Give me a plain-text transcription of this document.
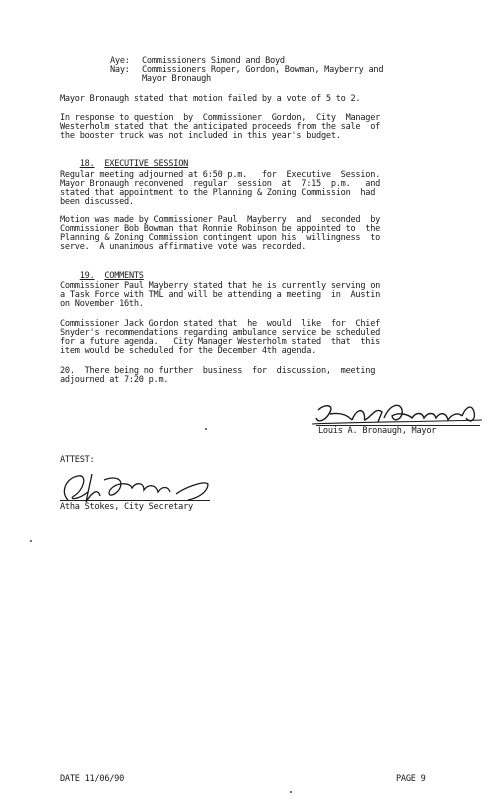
Aye:	Commissioners Simond and Boyd
Nay:	Commissioners Roper, Gordon, Bowman, Mayberry and
Mayor Bronaugh
Mayor Bronaugh stated that motion failed by a vote of 5 to 2.
In response to question  by  Commissioner  Gordon,  City  Manager
Westerholm stated that the anticipated proceeds from the sale  of
the booster truck was not included in this year's budget.

18. EXECUTIVE SESSION

Regular meeting adjourned at 6:50 p.m.   for  Executive  Session.
Mayor Bronaugh reconvened  regular  session  at  7:15  p.m.   and
stated that appointment to the Planning & Zoning Commission  had
been discussed.
Motion was made by Commissioner Paul  Mayberry  and  seconded  by
Commissioner Bob Bowman that Ronnie Robinson be appointed to  the
Planning & Zoning Commission contingent upon his  willingness  to
serve.  A unanimous affirmative vote was recorded.

19. COMMENTS

Commissioner Paul Mayberry stated that he is currently serving on
a Task Force with TML and will be attending a meeting  in  Austin
on November 16th.
Commissioner Jack Gordon stated that  he  would  like  for  Chief
Snyder's recommendations regarding ambulance service be scheduled
for a future agenda.   City Manager Westerholm stated  that  this
item would be scheduled for the December 4th agenda.
20.  There being no further  business  for  discussion,  meeting
adjourned at 7:20 p.m.
Louis A. Bronaugh, Mayor
ATTEST:
Atha Stokes, City Secretary
DATE 11/06/90	PAGE 9
